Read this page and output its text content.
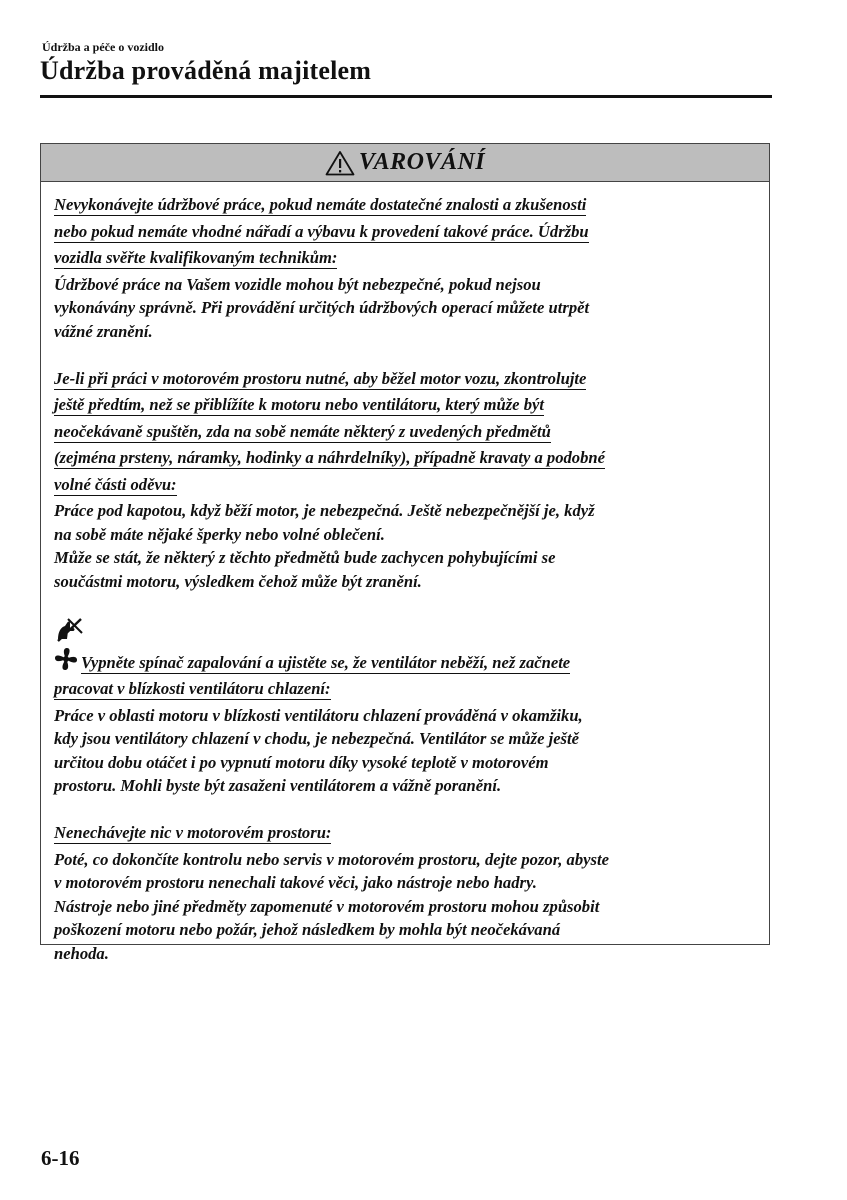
Údržba a péče o vozidlo
Údržba prováděná majitelem
VAROVÁNÍ
Nevykonávejte údržbové práce, pokud nemáte dostatečné znalosti a zkušenosti
nebo pokud nemáte vhodné nářadí a výbavu k provedení takové práce. Údržbu
vozidla svěřte kvalifikovaným technikům:
Údržbové práce na Vašem vozidle mohou být nebezpečné, pokud nejsou
vykonávány správně. Při provádění určitých údržbových operací můžete utrpět
vážné zranění.
Je-li při práci v motorovém prostoru nutné, aby běžel motor vozu, zkontrolujte
ještě předtím, než se přiblížíte k motoru nebo ventilátoru, který může být
neočekávaně spuštěn, zda na sobě nemáte některý z uvedených předmětů
(zejména prsteny, náramky, hodinky a náhrdelníky), případně kravaty a podobné
volné části oděvu:
Práce pod kapotou, když běží motor, je nebezpečná. Ještě nebezpečnější je, když
na sobě máte nějaké šperky nebo volné oblečení.
Může se stát, že některý z těchto předmětů bude zachycen pohybujícími se
součástmi motoru, výsledkem čehož může být zranění.
Vypněte spínač zapalování a ujistěte se, že ventilátor neběží, než začnete
pracovat v blízkosti ventilátoru chlazení:
Práce v oblasti motoru v blízkosti ventilátoru chlazení prováděná v okamžiku,
kdy jsou ventilátory chlazení v chodu, je nebezpečná. Ventilátor se může ještě
určitou dobu otáčet i po vypnutí motoru díky vysoké teplotě v motorovém
prostoru. Mohli byste být zasaženi ventilátorem a vážně poranění.
Nenechávejte nic v motorovém prostoru:
Poté, co dokončíte kontrolu nebo servis v motorovém prostoru, dejte pozor, abyste
v motorovém prostoru nenechali takové věci, jako nástroje nebo hadry.
Nástroje nebo jiné předměty zapomenuté v motorovém prostoru mohou způsobit
poškození motoru nebo požár, jehož následkem by mohla být neočekávaná
nehoda.
6-16
